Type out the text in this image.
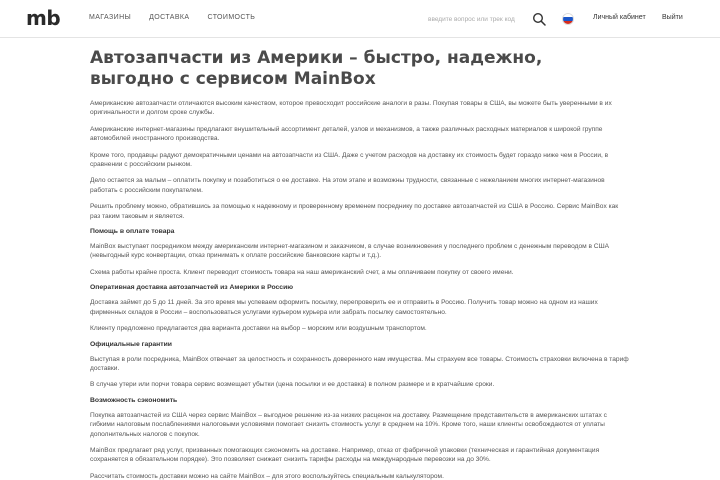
mb	МАГАЗИНЫ	ДОСТАВКА	СТОИМОСТЬ
введите вопрос или трек код	Личный кабинет Выйти
Автозапчасти из Америки – быстро, надежно, выгодно с сервисом MainBox

Американские автозапчасти отличаются высоким качеством, которое превосходит российские аналоги в разы. Покупая товары в США, вы можете быть уверенными в их оригинальности и долгом сроке службы.

Американские интернет-магазины предлагают внушительный ассортимент деталей, узлов и механизмов, а также различных расходных материалов к широкой группе автомобилей иностранного производства.

Кроме того, продавцы радуют демократичными ценами на автозапчасти из США. Даже с учетом расходов на доставку их стоимость будет гораздо ниже чем в России, в сравнении с российским рынком.

Дело остается за малым – оплатить покупку и позаботиться о ее доставке. На этом этапе и возможны трудности, связанные с нежеланием многих интернет-магазинов работать с российским покупателем.

Решить проблему можно, обратившись за помощью к надежному и проверенному временем посреднику по доставке автозапчастей из США в Россию. Сервис MainBox как раз таким таковым и является.

Помощь в оплате товара

MainBox выступает посредником между американским интернет-магазином и заказчиком, в случае возникновения у последнего проблем с денежным переводом в США (невыгодный курс конвертации, отказ принимать к оплате российские банковские карты и т.д.).

Схема работы крайне проста. Клиент переводит стоимость товара на наш американский счет, а мы оплачиваем покупку от своего имени.

Оперативная доставка автозапчастей из Америки в Россию

Доставка займет до 5 до 11 дней. За это время мы успеваем оформить посылку, перепроверить ее и отправить в Россию. Получить товар можно на одном из наших фирменных складов в России – воспользоваться услугами курьером курьера или забрать посылку самостоятельно.

Клиенту предложено предлагается два варианта доставки на выбор – морским или воздушным транспортом.

Официальные гарантии

Выступая в роли посредника, MainBox отвечает за целостность и сохранность доверенного нам имущества. Мы страхуем все товары. Стоимость страховки включена в тариф доставки.

В случае утери или порчи товара сервис возмещает убытки (цена посылки и ее доставка) в полном размере и в кратчайшие сроки.

Возможность сэкономить

Покупка автозапчастей из США через сервис MainBox – выгодное решение из-за низких расценок на доставку. Размещение представительств в американских штатах с гибкими налоговым послаблениями налоговыми условиями помогает снизить стоимость услуг в среднем на 10%. Кроме того, наши клиенты освобождаются от уплаты дополнительных налогов с покупок.

MainBox предлагает ряд услуг, призванных помогающих сэкономить на доставке. Например, отказ от фабричной упаковки (техническая и гарантийная документация сохраняется в обязательном порядке). Это позволяет снижает снизить тарифы расходы на международные перевозки на до 30%.

Рассчитать стоимость доставки можно на сайте MainBox – для этого воспользуйтесь специальным калькулятором.
